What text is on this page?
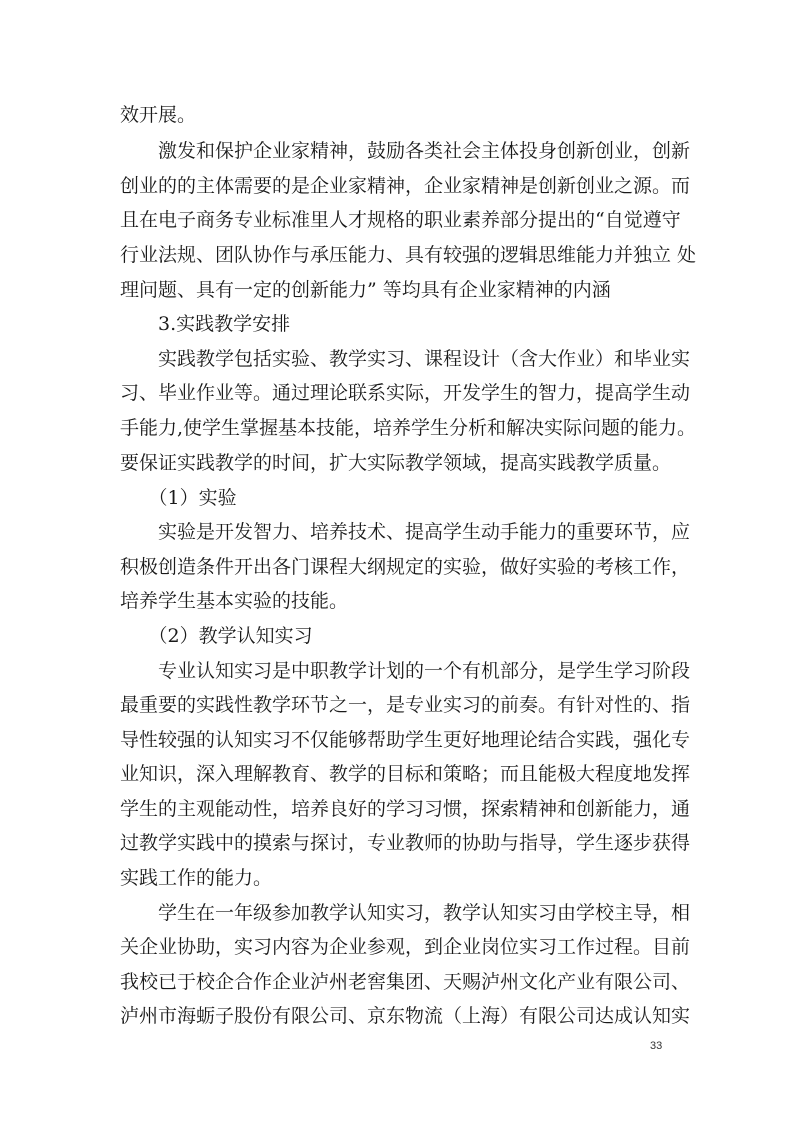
效开展。
　　激发和保护企业家精神，鼓励各类社会主体投身创新创业，创新
创业的的主体需要的是企业家精神，企业家精神是创新创业之源。而
且在电子商务专业标准里人才规格的职业素养部分提出的“自觉遵守
行业法规、团队协作与承压能力、具有较强的逻辑思维能力并独立 处
理问题、具有一定的创新能力” 等均具有企业家精神的内涵
　　3.实践教学安排
　　实践教学包括实验、教学实习、课程设计（含大作业）和毕业实
习、毕业作业等。通过理论联系实际，开发学生的智力，提高学生动
手能力,使学生掌握基本技能，培养学生分析和解决实际问题的能力。
要保证实践教学的时间，扩大实际教学领域，提高实践教学质量。
　　（1）实验
　　实验是开发智力、培养技术、提高学生动手能力的重要环节，应
积极创造条件开出各门课程大纲规定的实验，做好实验的考核工作，
培养学生基本实验的技能。
　　（2）教学认知实习
　　专业认知实习是中职教学计划的一个有机部分，是学生学习阶段
最重要的实践性教学环节之一，是专业实习的前奏。有针对性的、指
导性较强的认知实习不仅能够帮助学生更好地理论结合实践，强化专
业知识，深入理解教育、教学的目标和策略；而且能极大程度地发挥
学生的主观能动性，培养良好的学习习惯，探索精神和创新能力，通
过教学实践中的摸索与探讨，专业教师的协助与指导，学生逐步获得
实践工作的能力。
　　学生在一年级参加教学认知实习，教学认知实习由学校主导，相
关企业协助，实习内容为企业参观，到企业岗位实习工作过程。目前
我校已于校企合作企业泸州老窖集团、天赐泸州文化产业有限公司、
泸州市海蛎子股份有限公司、京东物流（上海）有限公司达成认知实
33
